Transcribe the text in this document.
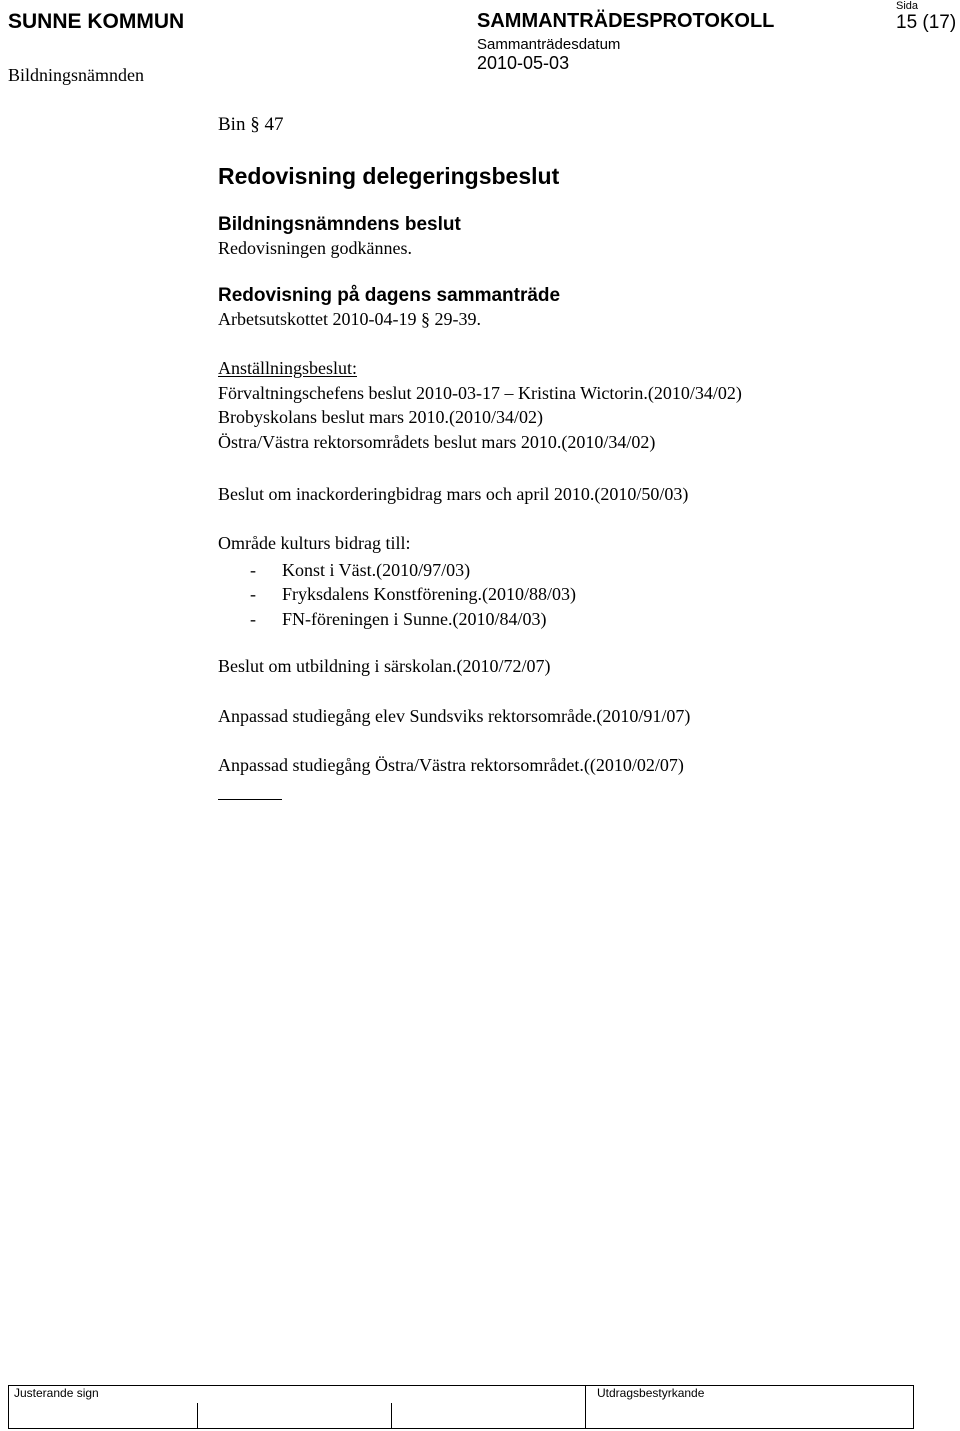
SUNNE KOMMUN
Bildningsnämnden
SAMMANTRÄDESPROTOKOLL
Sammanträdesdatum
2010-05-03
Sida
15 (17)
Bin § 47
Redovisning delegeringsbeslut
Bildningsnämndens beslut
Redovisningen godkännes.
Redovisning på dagens sammanträde
Arbetsutskottet 2010-04-19 § 29-39.
Anställningsbeslut:
Förvaltningschefens beslut 2010-03-17 – Kristina Wictorin.(2010/34/02)
Brobyskolans beslut mars 2010.(2010/34/02)
Östra/Västra rektorsområdets beslut mars 2010.(2010/34/02)
Beslut om inackorderingbidrag mars och april 2010.(2010/50/03)
Område kulturs bidrag till:
-	Konst i Väst.(2010/97/03)
-	Fryksdalens Konstförening.(2010/88/03)
-	FN-föreningen i Sunne.(2010/84/03)
Beslut om utbildning i särskolan.(2010/72/07)
Anpassad studiegång elev Sundsviks rektorsområde.(2010/91/07)
Anpassad studiegång Östra/Västra rektorsområdet.((2010/02/07)
Justerande sign	Utdragsbestyrkande
